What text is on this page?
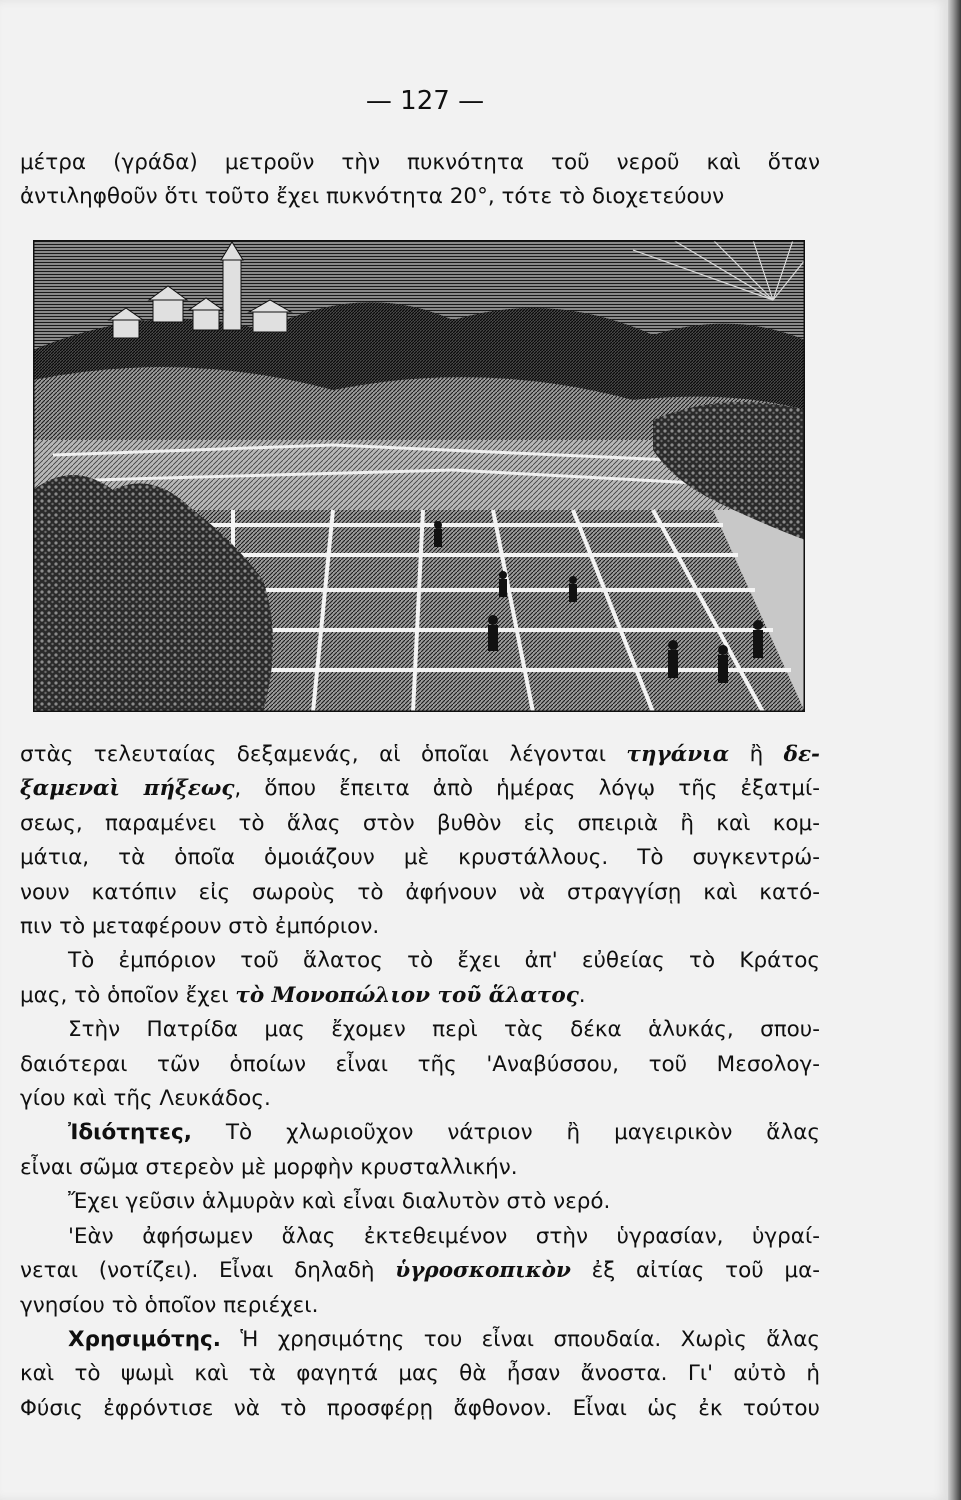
— 127 —
μέτρα (γράδα) μετροῦν τὴν πυκνότητα τοῦ νεροῦ καὶ ὅταν
ἀντιληφθοῦν ὅτι τοῦτο ἔχει πυκνότητα 20°, τότε τὸ διοχετεύουν
στὰς τελευταίας δεξαμενάς, αἱ ὁποῖαι λέγονται τηγάνια ἢ δε-
ξαμεναὶ πήξεως, ὅπου ἔπειτα ἀπὸ ἡμέρας λόγῳ τῆς ἐξατμί-
σεως, παραμένει τὸ ἅλας στὸν βυθὸν εἰς σπειριὰ ἢ καὶ κομ-
μάτια, τὰ ὁποῖα ὁμοιάζουν μὲ κρυστάλλους. Τὸ συγκεντρώ-
νουν κατόπιν εἰς σωροὺς τὸ ἀφήνουν νὰ στραγγίσῃ καὶ κατό-
πιν τὸ μεταφέρουν στὸ ἐμπόριον.
Τὸ ἐμπόριον τοῦ ἅλατος τὸ ἔχει ἀπ' εὐθείας τὸ Κράτος
μας, τὸ ὁποῖον ἔχει τὸ Μονοπώλιον τοῦ ἅλατος.
Στὴν Πατρίδα μας ἔχομεν περὶ τὰς δέκα ἁλυκάς, σπου-
δαιότεραι τῶν ὁποίων εἶναι τῆς 'Αναβύσσου, τοῦ Μεσολογ-
γίου καὶ τῆς Λευκάδος.
Ἰδιότητες, Τὸ χλωριοῦχον νάτριον ἢ μαγειρικὸν ἅλας
εἶναι σῶμα στερεὸν μὲ μορφὴν κρυσταλλικήν.
Ἔχει γεῦσιν ἁλμυρὰν καὶ εἶναι διαλυτὸν στὸ νερό.
'Εὰν ἀφήσωμεν ἅλας ἐκτεθειμένον στὴν ὑγρασίαν, ὑγραί-
νεται (νοτίζει). Εἶναι δηλαδὴ ὑγροσκοπικὸν ἐξ αἰτίας τοῦ μα-
γνησίου τὸ ὁποῖον περιέχει.
Χρησιμότης. Ἡ χρησιμότης του εἶναι σπουδαία. Χωρὶς ἅλας
καὶ τὸ ψωμὶ καὶ τὰ φαγητά μας θὰ ἦσαν ἄνοστα. Γι' αὐτὸ ἡ
Φύσις ἐφρόντισε νὰ τὸ προσφέρῃ ἄφθονον. Εἶναι ὡς ἐκ τούτου
